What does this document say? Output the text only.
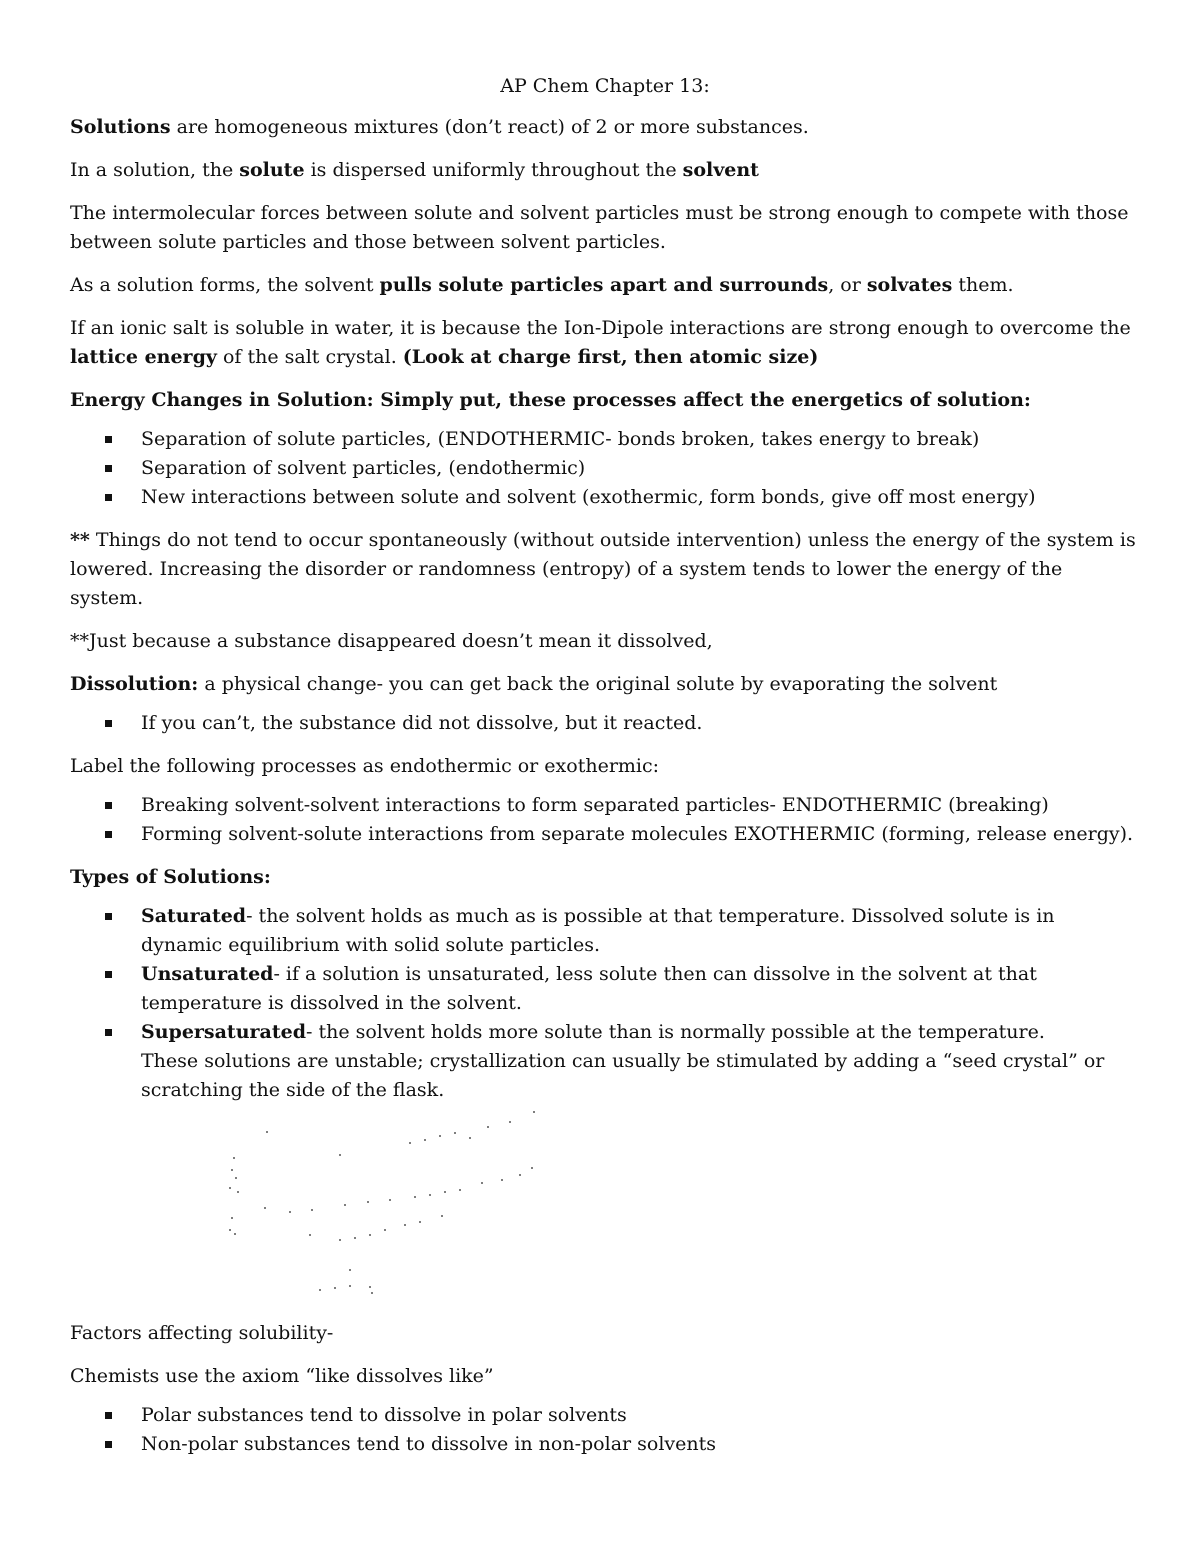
AP Chem Chapter 13:

Solutions are homogeneous mixtures (don’t react) of 2 or more substances.

In a solution, the solute is dispersed uniformly throughout the solvent

The intermolecular forces between solute and solvent particles must be strong enough to compete with those between solute particles and those between solvent particles.

As a solution forms, the solvent pulls solute particles apart and surrounds, or solvates them.

If an ionic salt is soluble in water, it is because the Ion-Dipole interactions are strong enough to overcome the lattice energy of the salt crystal. (Look at charge first, then atomic size)

Energy Changes in Solution: Simply put, these processes affect the energetics of solution:

Separation of solute particles, (ENDOTHERMIC- bonds broken, takes energy to break)
Separation of solvent particles, (endothermic)
New interactions between solute and solvent (exothermic, form bonds, give off most energy)

** Things do not tend to occur spontaneously (without outside intervention) unless the energy of the system is lowered. Increasing the disorder or randomness (entropy) of a system tends to lower the energy of the system.

**Just because a substance disappeared doesn’t mean it dissolved,

Dissolution: a physical change- you can get back the original solute by evaporating the solvent

If you can’t, the substance did not dissolve, but it reacted.

Label the following processes as endothermic or exothermic:

Breaking solvent-solvent interactions to form separated particles- ENDOTHERMIC (breaking)
Forming solvent-solute interactions from separate molecules EXOTHERMIC (forming, release energy).

Types of Solutions:

Saturated- the solvent holds as much as is possible at that temperature. Dissolved solute is in dynamic equilibrium with solid solute particles.
Unsaturated- if a solution is unsaturated, less solute then can dissolve in the solvent at that temperature is dissolved in the solvent.
Supersaturated- the solvent holds more solute than is normally possible at the temperature.
These solutions are unstable; crystallization can usually be stimulated by adding a “seed crystal” or scratching the side of the flask.

Factors affecting solubility-

Chemists use the axiom “like dissolves like”

Polar substances tend to dissolve in polar solvents
Non-polar substances tend to dissolve in non-polar solvents
